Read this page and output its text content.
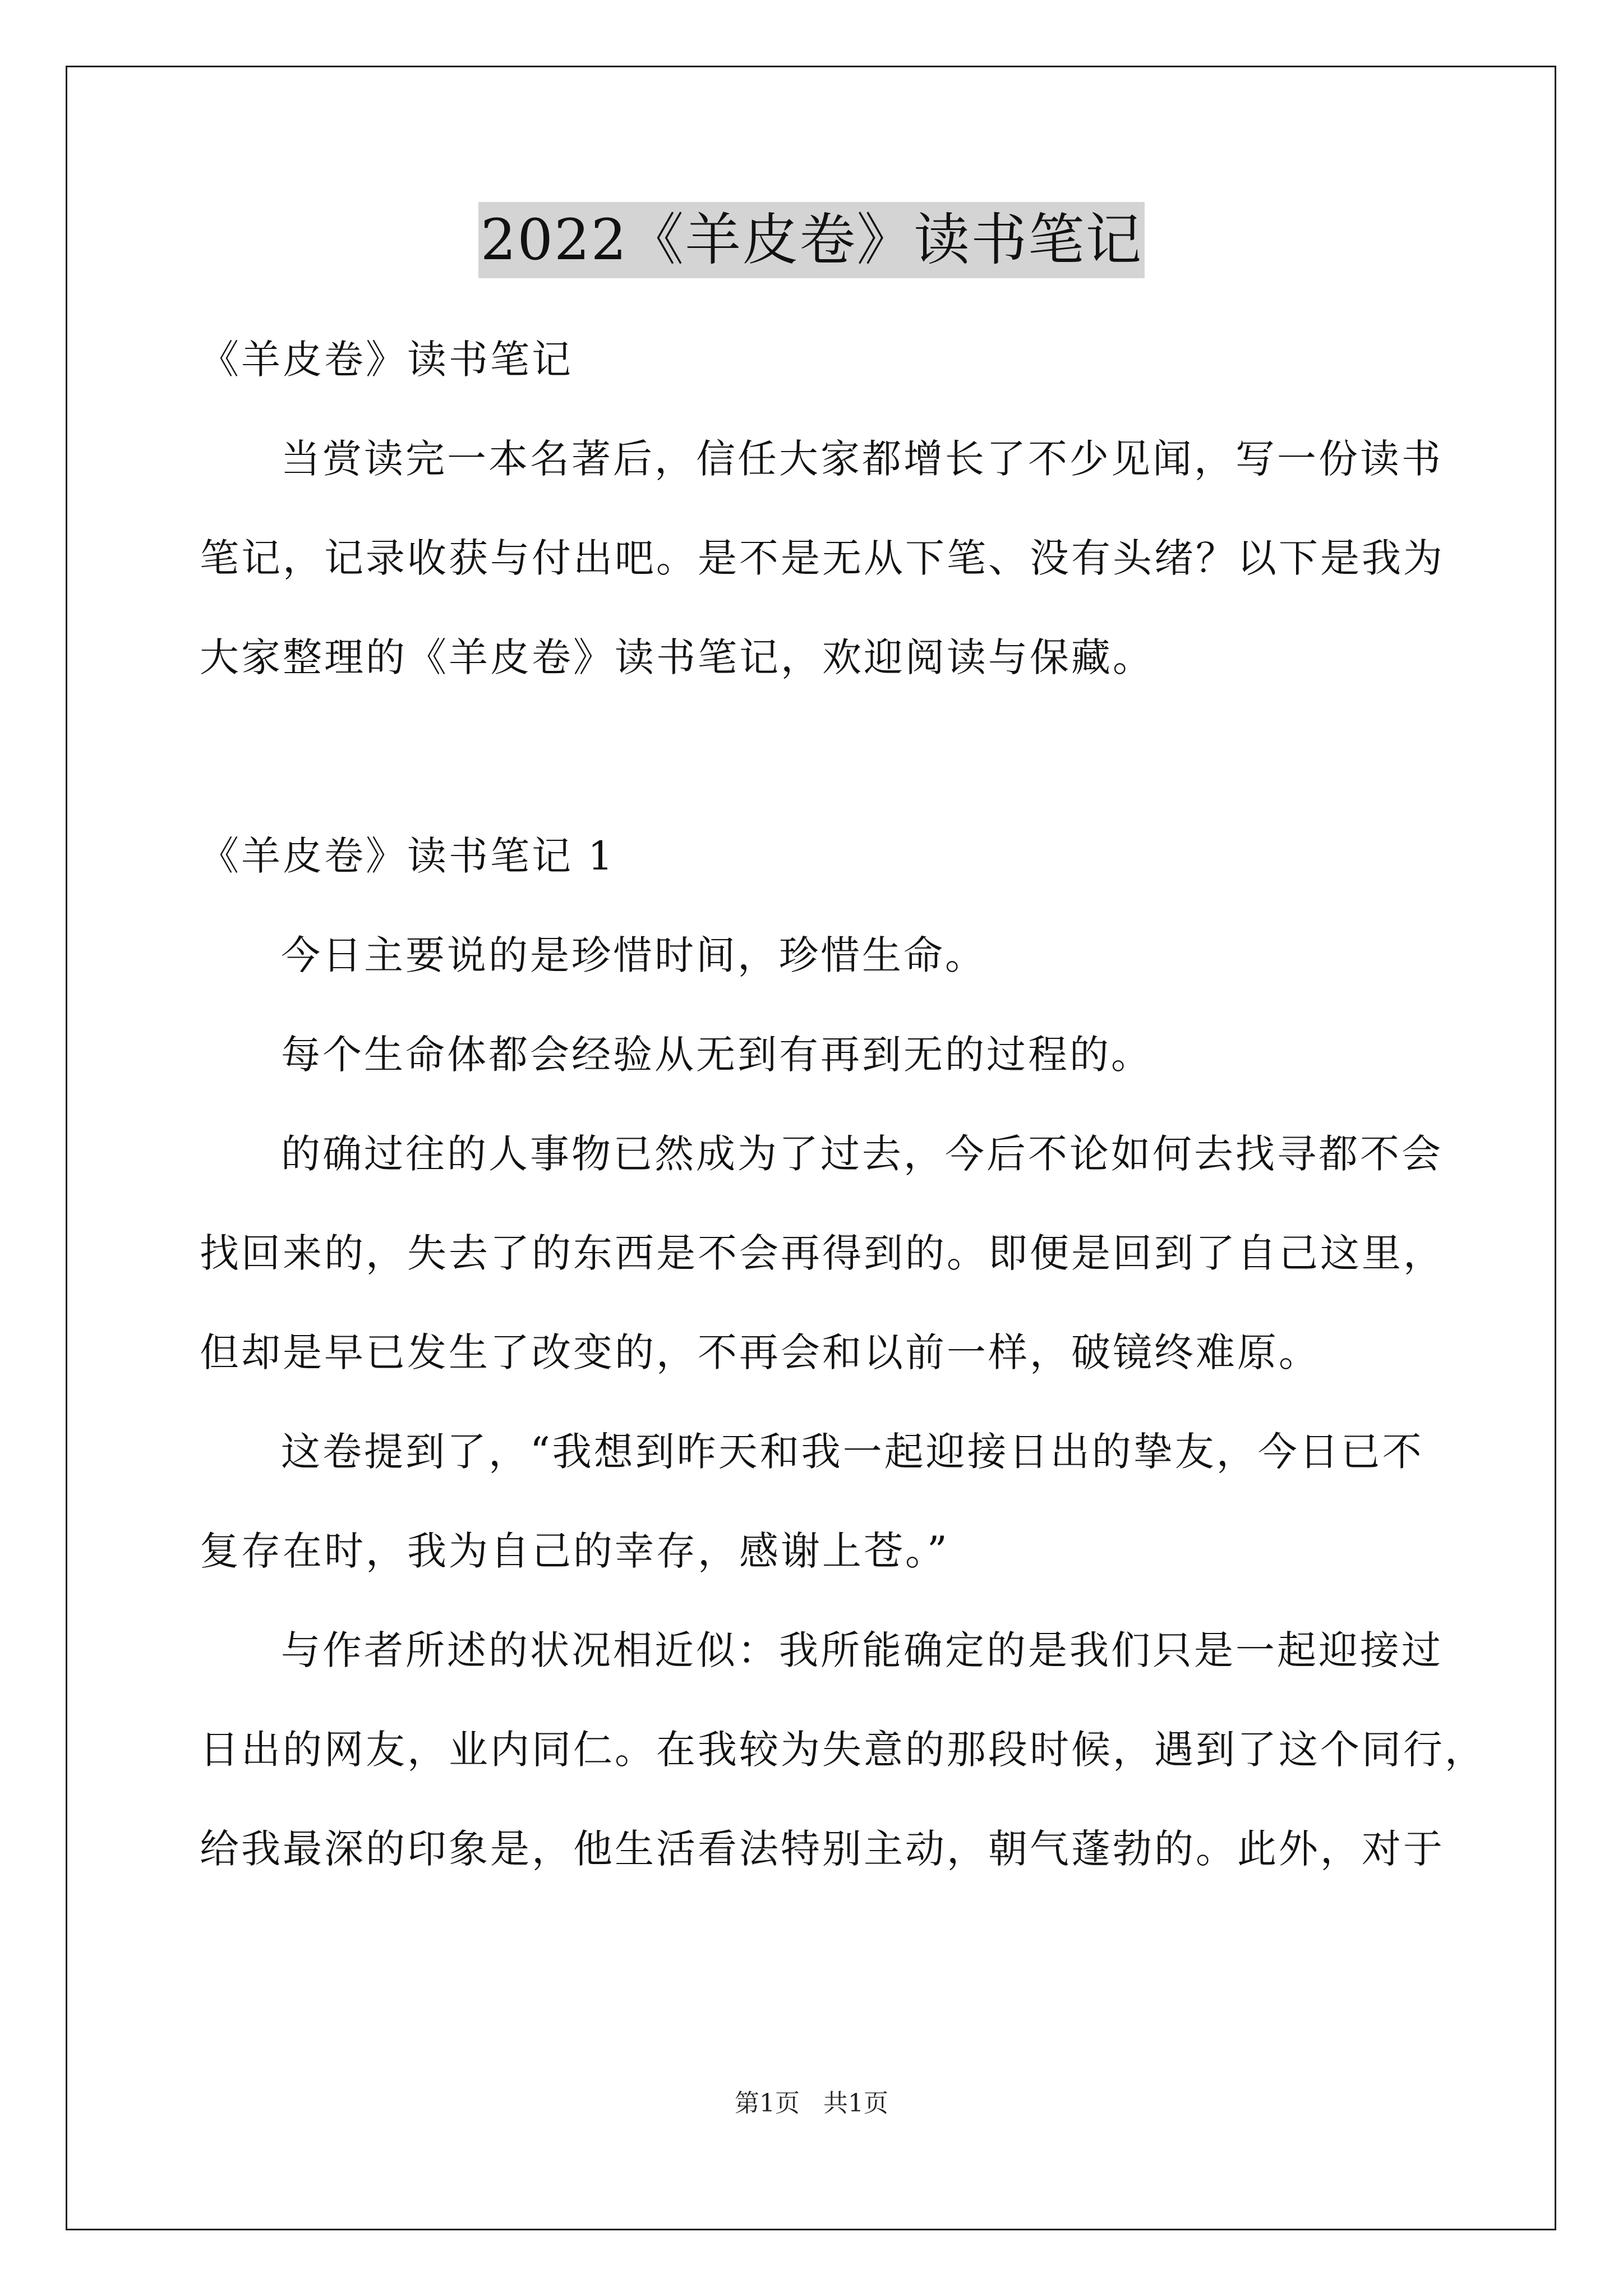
2022《羊皮卷》读书笔记
《羊皮卷》读书笔记
当赏读完一本名著后，信任大家都增长了不少见闻，写一份读书
笔记，记录收获与付出吧。是不是无从下笔、没有头绪？以下是我为
大家整理的《羊皮卷》读书笔记，欢迎阅读与保藏。
《羊皮卷》读书笔记 1
今日主要说的是珍惜时间，珍惜生命。
每个生命体都会经验从无到有再到无的过程的。
的确过往的人事物已然成为了过去，今后不论如何去找寻都不会
找回来的，失去了的东西是不会再得到的。即便是回到了自己这里，
但却是早已发生了改变的，不再会和以前一样，破镜终难原。
这卷提到了，“我想到昨天和我一起迎接日出的挚友，今日已不
复存在时，我为自己的幸存，感谢上苍。”
与作者所述的状况相近似：我所能确定的是我们只是一起迎接过
日出的网友，业内同仁。在我较为失意的那段时候，遇到了这个同行，
给我最深的印象是，他生活看法特别主动，朝气蓬勃的。此外，对于
第1页   共1页
